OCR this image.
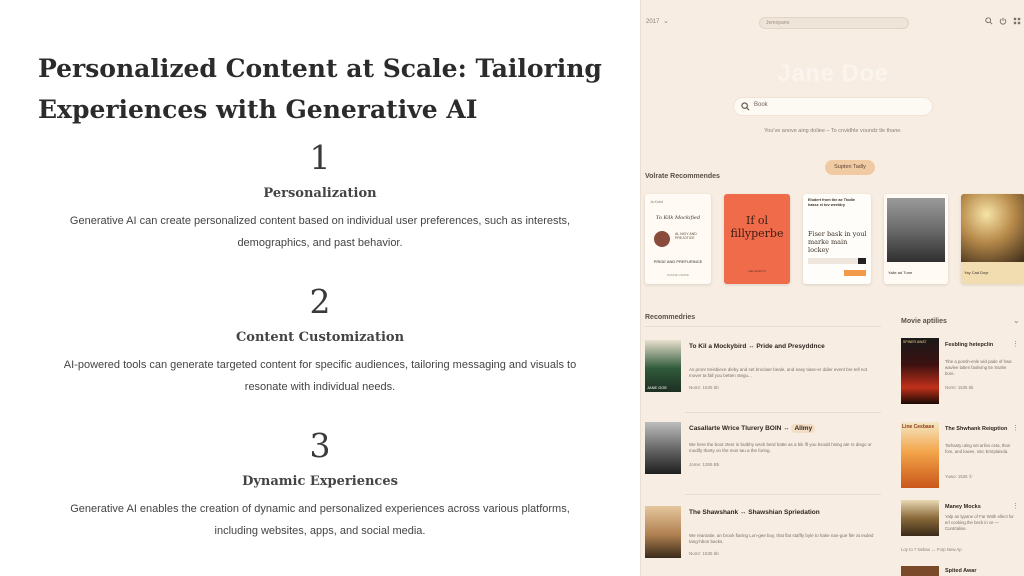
Personalized Content at Scale: Tailoring Experiences with Generative AI
1
Personalization
Generative AI can create personalized content based on individual user preferences, such as interests,
demographics, and past behavior.
2
Content Customization
AI-powered tools can generate targeted content for specific audiences, tailoring messaging and visuals to
resonate with individual needs.
3
Dynamic Experiences
Generative AI enables the creation of dynamic and personalized experiences across various platforms,
including websites, apps, and social media.
2017 ⌄	Jemopane
Jane Doe
Book
You've anove aing doliee – To cnvidhle voundz tle thane.
Supten Tadly
Volrate Recommendes
Ja Kutrd
To Kilk Mockified
AL NIOY AND PREJOTICE
PRIDE AND PREFURINCE
NANNE OSOFE
If ol fillyperbe
LEL AOLD S
Elodert from the ae Ttodle hasse ei tov weeldry
Fiser bask in youl marke main lockey
Yaile ad Tune	Yay Cad Doyr
Recommedries
Movie aptilies	⌄
JANE DOE
To Kil a Mockybird ↔ Pride and Presyddnce
As pronr treisbiece dieby and set broclaer beale, and easy tiase-er ddier event bre tell not mover ta fall you betten stegu...
Nomr: 1535 6b
Casallarte Wrice Tlurery BOIN ↔ Allmy
We here the boot ztesr in butbhy wsck berd hatte as a bik lfl you bsodd hsing ate rs disgo or modify tharty on the mos tau a the foring.
Jome: 1355 Bb
The Shawshank ↔ Shawshian Spriedation
We reamatie, an brook fiaring Lon-gee buy, that flat staffly byle to hake nan-gue fler at exded tang-hbon backs.
Nomr: 1535 6b
SPINER AWAT	Fesbling hetepclin
Tihe a ponsh-enle wid pade of hwa wavlee latten faoliving tte Ssahe bore.
Norm: 1535 6b
⋮
Line Cesbase The Shwhank Reiqption
Tarhasty uting set arlins ceta, than fore, and lowee, sinc Emrplaisda.
Yuwo: 1535 ①
⋮
Maney Mocks
Yalp an lypane of Far Wolh ellect for erl cooking the beck in ce — Cuntrtalise.
Loy to 7 Nebao ↔ Forp New Ap
⋮
Spited Awar
